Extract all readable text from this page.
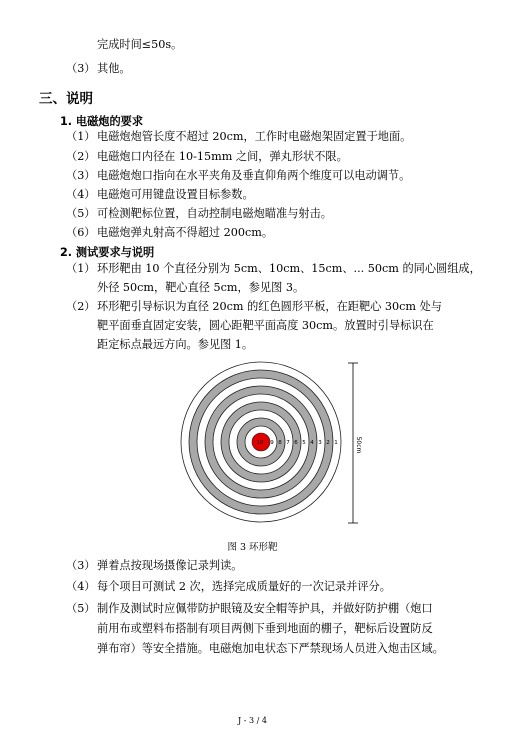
完成时间≤50s。
（3） 其他。
三、说明
1. 电磁炮的要求
（1） 电磁炮炮管长度不超过 20cm，工作时电磁炮架固定置于地面。
（2） 电磁炮口内径在 10-15mm 之间，弹丸形状不限。
（3） 电磁炮炮口指向在水平夹角及垂直仰角两个维度可以电动调节。
（4） 电磁炮可用键盘设置目标参数。
（5） 可检测靶标位置，自动控制电磁炮瞄准与射击。
（6） 电磁炮弹丸射高不得超过 200cm。
2. 测试要求与说明
（1） 环形靶由 10 个直径分别为 5cm、10cm、15cm、... 50cm 的同心圆组成，
外径 50cm，靶心直径 5cm，参见图 3。
（2） 环形靶引导标识为直径 20cm 的红色圆形平板，在距靶心 30cm 处与
靶平面垂直固定安装，圆心距靶平面高度 30cm。放置时引导标识在
距定标点最远方向。参见图 1。
10 9 8 7 6 5 4 3 2 1	50cm
图 3 环形靶
（3） 弹着点按现场摄像记录判读。
（4） 每个项目可测试 2 次，选择完成质量好的一次记录并评分。
（5） 制作及测试时应佩带防护眼镜及安全帽等护具，并做好防护棚（炮口
前用布或塑料布搭制有项目两侧下垂到地面的棚子，靶标后设置防反
弹布帘）等安全措施。电磁炮加电状态下严禁现场人员进入炮击区域。
J - 3 / 4
